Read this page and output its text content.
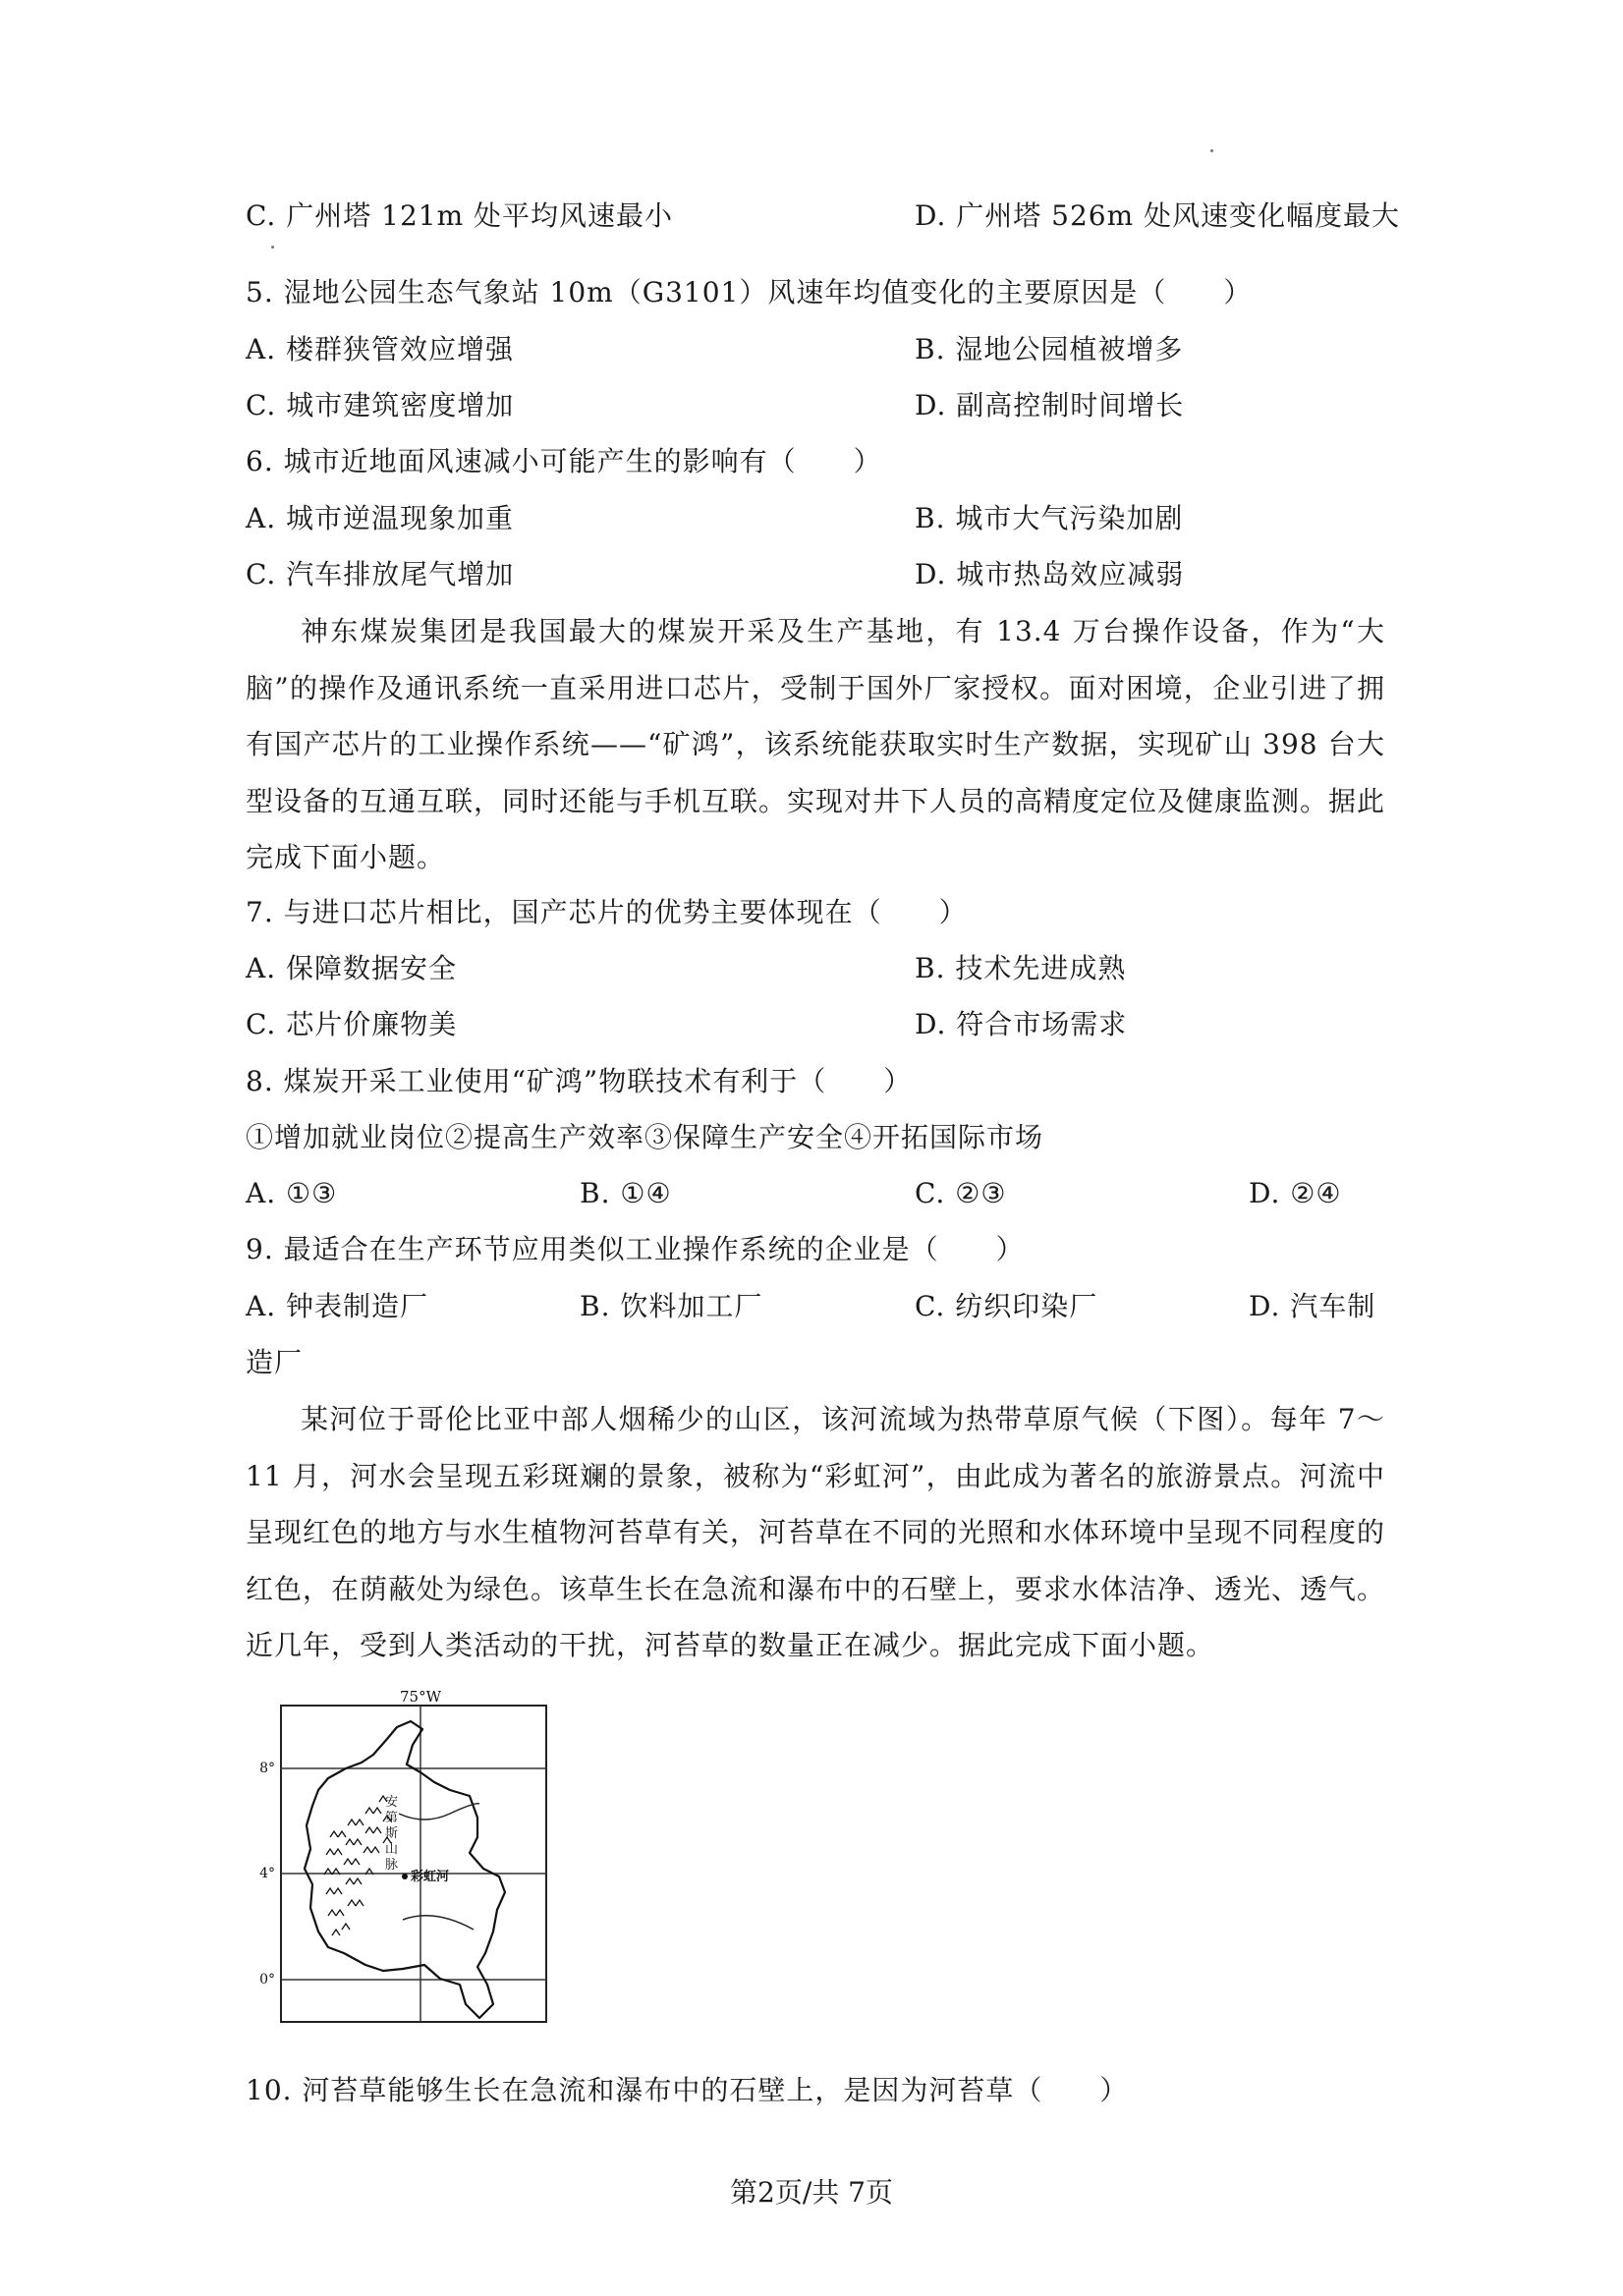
C. 广州塔 121m 处平均风速最小	D. 广州塔 526m 处风速变化幅度最大
5. 湿地公园生态气象站 10m（G3101）风速年均值变化的主要原因是（　　）
A. 楼群狭管效应增强	B. 湿地公园植被增多
C. 城市建筑密度增加	D. 副高控制时间增长
6. 城市近地面风速减小可能产生的影响有（　　）
A. 城市逆温现象加重	B. 城市大气污染加剧
C. 汽车排放尾气增加	D. 城市热岛效应减弱

神东煤炭集团是我国最大的煤炭开采及生产基地，有 13.4 万台操作设备，作为“大脑”的操作及通讯系统一直采用进口芯片，受制于国外厂家授权。面对困境，企业引进了拥有国产芯片的工业操作系统——“矿鸿”，该系统能获取实时生产数据，实现矿山 398 台大型设备的互通互联，同时还能与手机互联。实现对井下人员的高精度定位及健康监测。据此完成下面小题。

7. 与进口芯片相比，国产芯片的优势主要体现在（　　）
A. 保障数据安全	B. 技术先进成熟
C. 芯片价廉物美	D. 符合市场需求
8. 煤炭开采工业使用“矿鸿”物联技术有利于（　　）
①增加就业岗位②提高生产效率③保障生产安全④开拓国际市场
A. ①③	B. ①④	C. ②③	D. ②④
9. 最适合在生产环节应用类似工业操作系统的企业是（　　）
A. 钟表制造厂	B. 饮料加工厂	C. 纺织印染厂	D. 汽车制
造厂

某河位于哥伦比亚中部人烟稀少的山区，该河流域为热带草原气候（下图）。每年 7～11 月，河水会呈现五彩斑斓的景象，被称为“彩虹河”，由此成为著名的旅游景点。河流中呈现红色的地方与水生植物河苔草有关，河苔草在不同的光照和水体环境中呈现不同程度的红色，在荫蔽处为绿色。该草生长在急流和瀑布中的石壁上，要求水体洁净、透光、透气。近几年，受到人类活动的干扰，河苔草的数量正在减少。据此完成下面小题。

75°W
8°
4°
0°
安第斯山脉
彩虹河
10. 河苔草能够生长在急流和瀑布中的石壁上，是因为河苔草（　　）
第2页/共 7页
